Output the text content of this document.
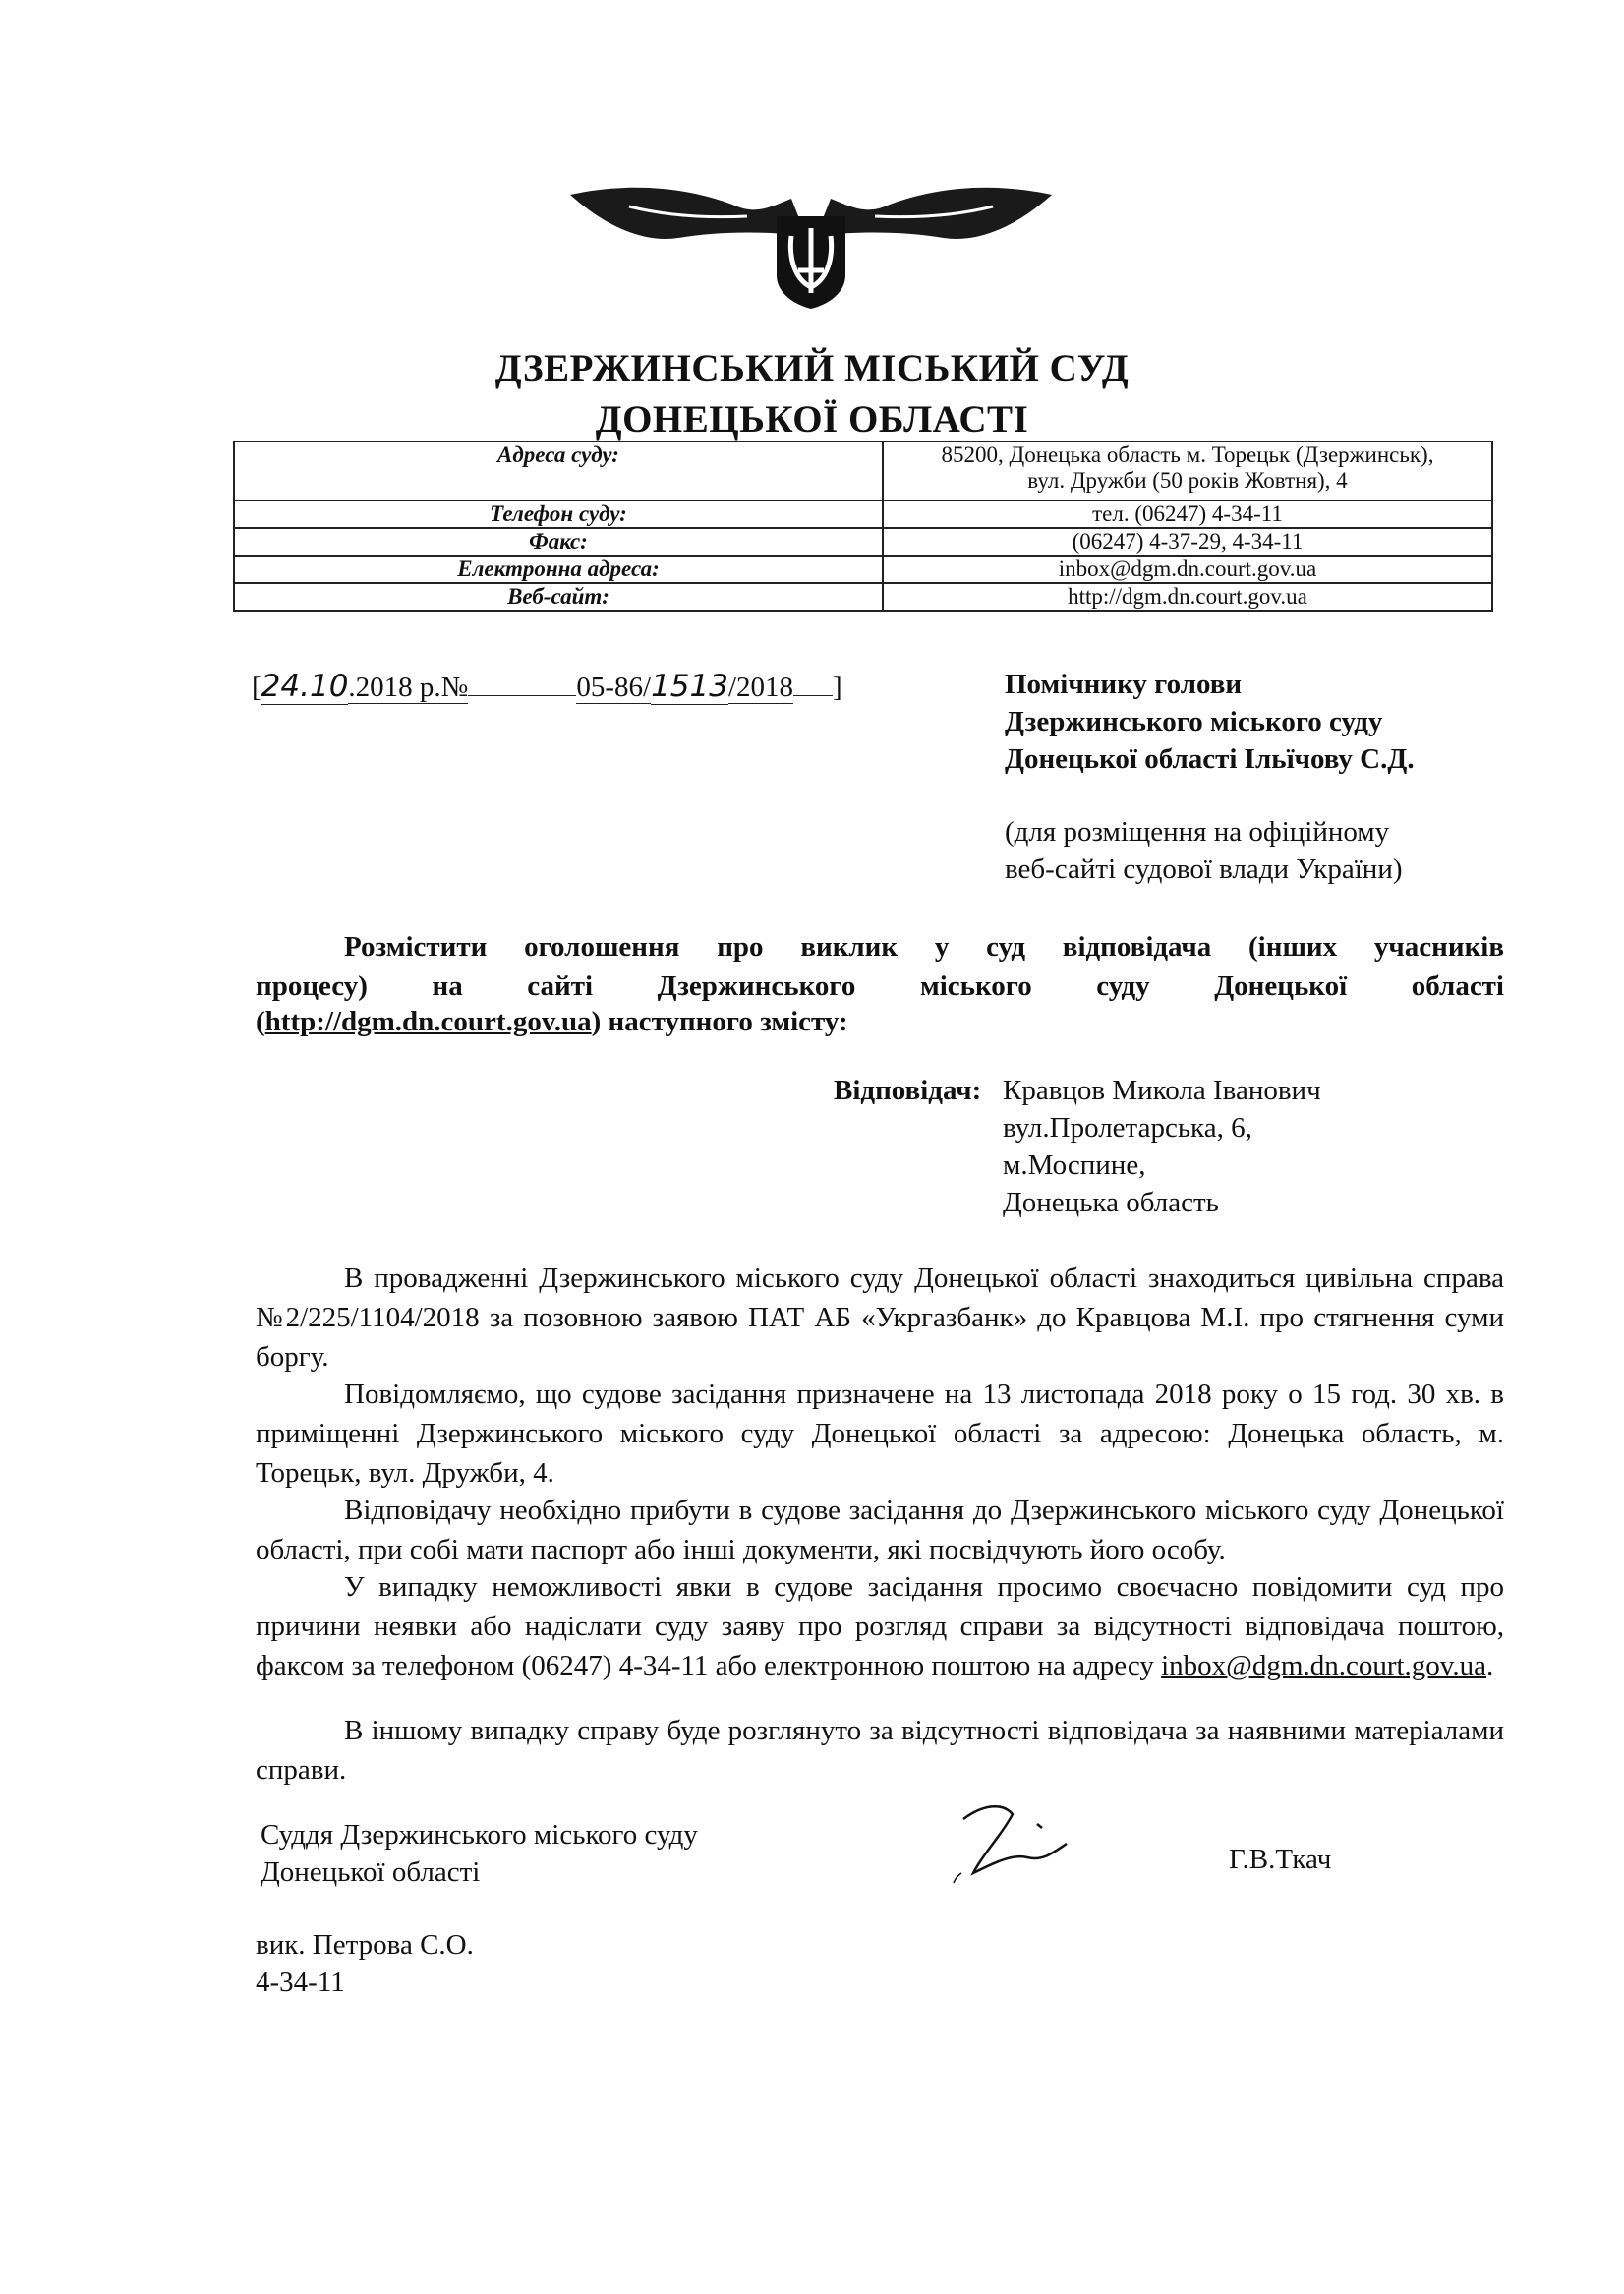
ДЗЕРЖИНСЬКИЙ МІСЬКИЙ СУД
ДОНЕЦЬКОЇ ОБЛАСТІ
Адреса суду:	85200, Донецька область м. Торецьк (Дзержинськ),
вул. Дружби (50 років Жовтня), 4

Телефон суду:	тел. (06247) 4-34-11
Факс:	(06247) 4-37-29, 4-34-11
Електронна адреса:	inbox@dgm.dn.court.gov.ua
Веб-сайт:	http://dgm.dn.court.gov.ua
[24.10.2018 р.№	05-86/1513/2018 ]	Помічнику голови
Дзержинського міського суду
Донецької області Ільїчову С.Д.
(для розміщення на офіційному
веб-сайті судової влади України)
Розмістити оголошення про виклик у суд відповідача (інших учасників
процесу) на сайті Дзержинського міського суду Донецької області
(http://dgm.dn.court.gov.ua) наступного змісту:
Відповідач: Кравцов Микола Іванович
вул.Пролетарська, 6,
м.Моспине,
Донецька область
В провадженні Дзержинського міського суду Донецької області знаходиться цивільна справа №2/225/1104/2018 за позовною заявою ПАТ АБ «Укргазбанк» до Кравцова М.І. про стягнення суми боргу.
Повідомляємо, що судове засідання призначене на 13 листопада 2018 року о 15 год. 30 хв. в приміщенні Дзержинського міського суду Донецької області за адресою: Донецька область, м. Торецьк, вул. Дружби, 4.
Відповідачу необхідно прибути в судове засідання до Дзержинського міського суду Донецької області, при собі мати паспорт або інші документи, які посвідчують його особу.
У випадку неможливості явки в судове засідання просимо своєчасно повідомити суд про причини неявки або надіслати суду заяву про розгляд справи за відсутності відповідача поштою, факсом за телефоном (06247) 4-34-11 або електронною поштою на адресу inbox@dgm.dn.court.gov.ua.
В іншому випадку справу буде розглянуто за відсутності відповідача за наявними матеріалами справи.
Суддя Дзержинського міського суду
Донецької області	Г.В.Ткач
вик. Петрова С.О.
4-34-11
